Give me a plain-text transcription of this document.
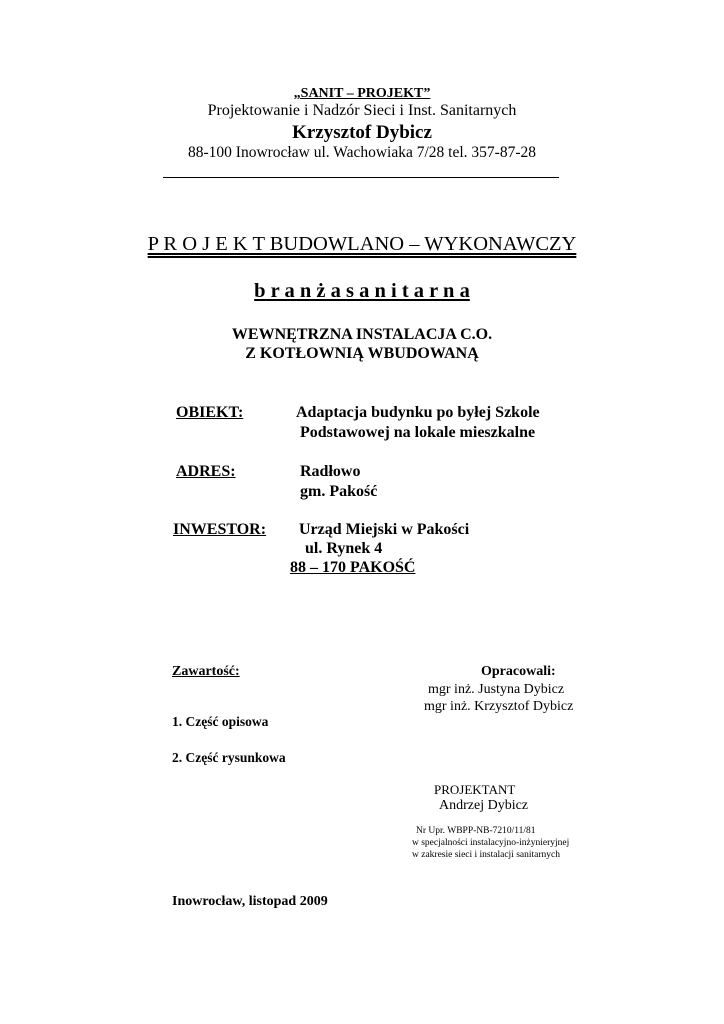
„SANIT – PROJEKT”
Projektowanie i Nadzór Sieci i Inst. Sanitarnych
Krzysztof Dybicz
88-100 Inowrocław ul. Wachowiaka 7/28 tel. 357-87-28
P R O J E K T BUDOWLANO – WYKONAWCZY
b r a n ż a s a n i t a r n a
WEWNĘTRZNA INSTALACJA C.O.
Z KOTŁOWNIĄ WBUDOWANĄ
OBIEKT:	Adaptacja budynku po byłej Szkole
Podstawowej na lokale mieszkalne
ADRES:	Radłowo
gm. Pakość
INWESTOR: Urząd Miejski w Pakości
ul. Rynek 4
88 – 170 PAKOŚĆ
Zawartość:
1. Część opisowa
2. Część rysunkowa
Opracowali:
mgr inż. Justyna Dybicz
mgr inż. Krzysztof Dybicz
PROJEKTANT
Andrzej Dybicz
Nr Upr. WBPP-NB-7210/11/81
w specjalności instalacyjno-inżynieryjnej
w zakresie sieci i instalacji sanitarnych
Inowrocław, listopad 2009
